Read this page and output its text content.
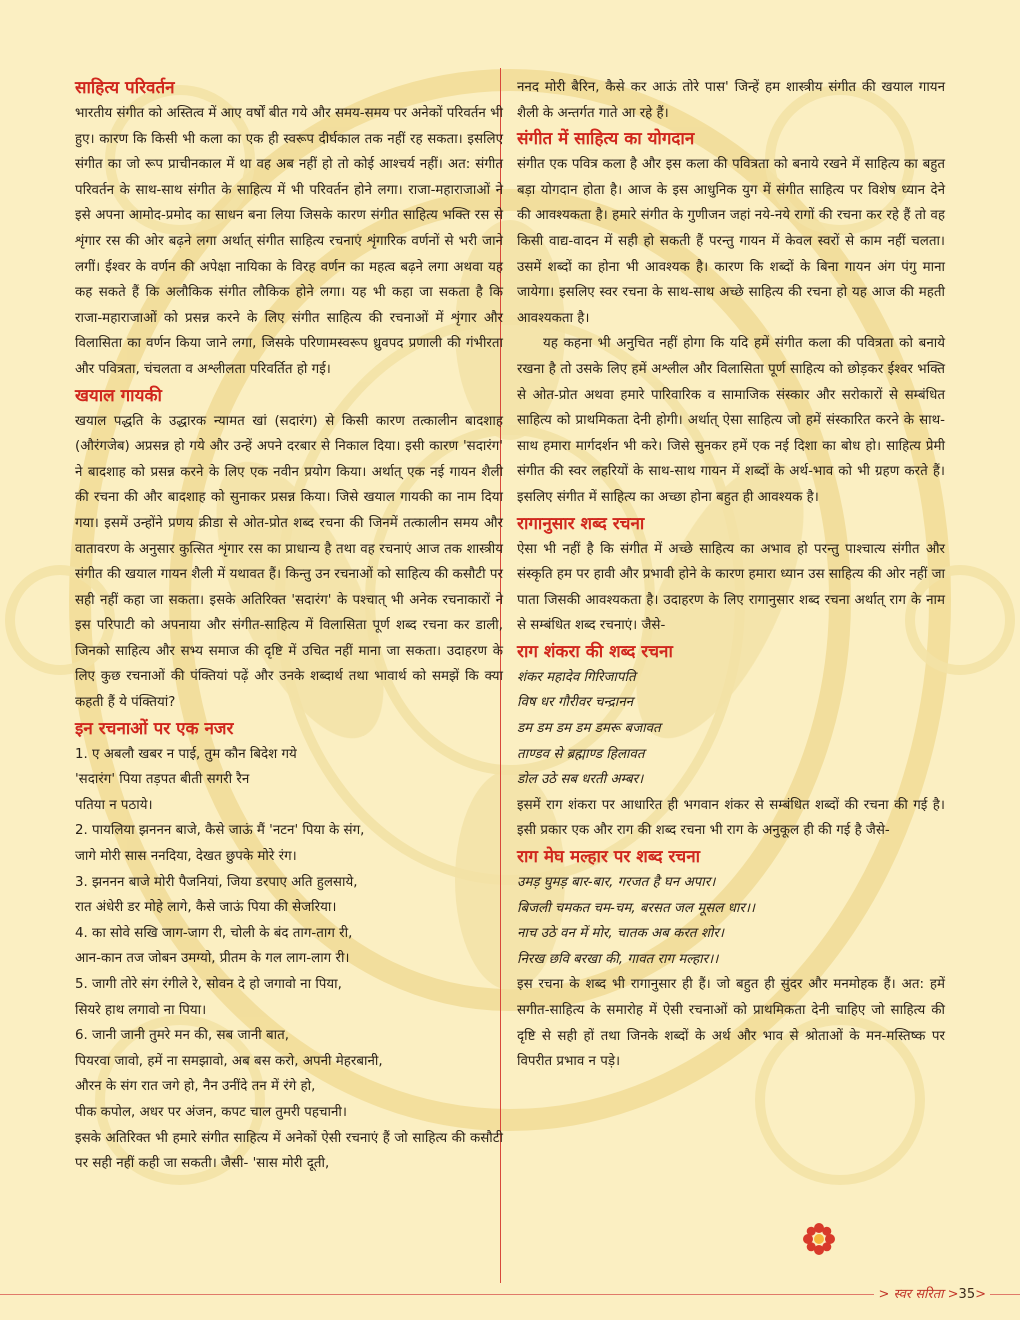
साहित्य परिवर्तन

भारतीय संगीत को अस्तित्व में आए वर्षों बीत गये और समय-समय पर अनेकों परिवर्तन भी हुए। कारण कि किसी भी कला का एक ही स्वरूप दीर्घकाल तक नहीं रह सकता। इसलिए संगीत का जो रूप प्राचीनकाल में था वह अब नहीं हो तो कोई आश्चर्य नहीं। अत: संगीत परिवर्तन के साथ-साथ संगीत के साहित्य में भी परिवर्तन होने लगा। राजा-महाराजाओं ने इसे अपना आमोद-प्रमोद का साधन बना लिया जिसके कारण संगीत साहित्य भक्ति रस से शृंगार रस की ओर बढ़ने लगा अर्थात् संगीत साहित्य रचनाएं शृंगारिक वर्णनों से भरी जाने लगीं। ईश्वर के वर्णन की अपेक्षा नायिका के विरह वर्णन का महत्व बढ़ने लगा अथवा यह कह सकते हैं कि अलौकिक संगीत लौकिक होने लगा। यह भी कहा जा सकता है कि राजा-महाराजाओं को प्रसन्न करने के लिए संगीत साहित्य की रचनाओं में शृंगार और विलासिता का वर्णन किया जाने लगा, जिसके परिणामस्वरूप ध्रुवपद प्रणाली की गंभीरता और पवित्रता, चंचलता व अश्लीलता परिवर्तित हो गई।

खयाल गायकी

खयाल पद्धति के उद्धारक न्यामत खां (सदारंग) से किसी कारण तत्कालीन बादशाह (औरंगजेब) अप्रसन्न हो गये और उन्हें अपने दरबार से निकाल दिया। इसी कारण 'सदारंग' ने बादशाह को प्रसन्न करने के लिए एक नवीन प्रयोग किया। अर्थात् एक नई गायन शैली की रचना की और बादशाह को सुनाकर प्रसन्न किया। जिसे खयाल गायकी का नाम दिया गया। इसमें उन्होंने प्रणय क्रीडा से ओत-प्रोत शब्द रचना की जिनमें तत्कालीन समय और वातावरण के अनुसार कुत्सित शृंगार रस का प्राधान्य है तथा वह रचनाएं आज तक शास्त्रीय संगीत की खयाल गायन शैली में यथावत हैं। किन्तु उन रचनाओं को साहित्य की कसौटी पर सही नहीं कहा जा सकता। इसके अतिरिक्त 'सदारंग' के पश्चात् भी अनेक रचनाकारों ने इस परिपाटी को अपनाया और संगीत-साहित्य में विलासिता पूर्ण शब्द रचना कर डाली, जिनको साहित्य और सभ्य समाज की दृष्टि में उचित नहीं माना जा सकता। उदाहरण के लिए कुछ रचनाओं की पंक्तियां पढ़ें और उनके शब्दार्थ तथा भावार्थ को समझें कि क्या कहती हैं ये पंक्तियां?

इन रचनाओं पर एक नजर
1. ए अबलौ खबर न पाई, तुम कौन बिदेश गये
'सदारंग' पिया तड़पत बीती सगरी रैन
पतिया न पठाये।
2. पायलिया झननन बाजे, कैसे जाऊं मैं 'नटन' पिया के संग,
जागे मोरी सास ननदिया, देखत छुपके मोरे रंग।
3. झननन बाजे मोरी पैजनियां, जिया डरपाए अति हुलसाये,
रात अंधेरी डर मोहे लागे, कैसे जाऊं पिया की सेजरिया।
4. का सोवे सखि जाग-जाग री, चोली के बंद ताग-ताग री,
आन-कान तज जोबन उमग्यो, प्रीतम के गल लाग-लाग री।
5. जागी तोरे संग रंगीले रे, सोवन दे हो जगावो ना पिया,
सियरे हाथ लगावो ना पिया।
6. जानी जानी तुमरे मन की, सब जानी बात,
पियरवा जावो, हमें ना समझावो, अब बस करो, अपनी मेहरबानी,
औरन के संग रात जगे हो, नैन उनींदे तन में रंगे हो,
पीक कपोल, अधर पर अंजन, कपट चाल तुमरी पहचानी।

इसके अतिरिक्त भी हमारे संगीत साहित्य में अनेकों ऐसी रचनाएं हैं जो साहित्य की कसौटी पर सही नहीं कही जा सकती। जैसी- 'सास मोरी दूती,

ननद मोरी बैरिन, कैसे कर आऊं तोरे पास' जिन्हें हम शास्त्रीय संगीत की खयाल गायन शैली के अन्तर्गत गाते आ रहे हैं।

संगीत में साहित्य का योगदान

संगीत एक पवित्र कला है और इस कला की पवित्रता को बनाये रखने में साहित्य का बहुत बड़ा योगदान होता है। आज के इस आधुनिक युग में संगीत साहित्य पर विशेष ध्यान देने की आवश्यकता है। हमारे संगीत के गुणीजन जहां नये-नये रागों की रचना कर रहे हैं तो वह किसी वाद्य-वादन में सही हो सकती हैं परन्तु गायन में केवल स्वरों से काम नहीं चलता। उसमें शब्दों का होना भी आवश्यक है। कारण कि शब्दों के बिना गायन अंग पंगु माना जायेगा। इसलिए स्वर रचना के साथ-साथ अच्छे साहित्य की रचना हो यह आज की महती आवश्यकता है।

यह कहना भी अनुचित नहीं होगा कि यदि हमें संगीत कला की पवित्रता को बनाये रखना है तो उसके लिए हमें अश्लील और विलासिता पूर्ण साहित्य को छोड़कर ईश्वर भक्ति से ओत-प्रोत अथवा हमारे पारिवारिक व सामाजिक संस्कार और सरोकारों से सम्बंधित साहित्य को प्राथमिकता देनी होगी। अर्थात् ऐसा साहित्य जो हमें संस्कारित करने के साथ-साथ हमारा मार्गदर्शन भी करे। जिसे सुनकर हमें एक नई दिशा का बोध हो। साहित्य प्रेमी संगीत की स्वर लहरियों के साथ-साथ गायन में शब्दों के अर्थ-भाव को भी ग्रहण करते हैं। इसलिए संगीत में साहित्य का अच्छा होना बहुत ही आवश्यक है।

रागानुसार शब्द रचना

ऐसा भी नहीं है कि संगीत में अच्छे साहित्य का अभाव हो परन्तु पाश्चात्य संगीत और संस्कृति हम पर हावी और प्रभावी होने के कारण हमारा ध्यान उस साहित्य की ओर नहीं जा पाता जिसकी आवश्यकता है। उदाहरण के लिए रागानुसार शब्द रचना अर्थात् राग के नाम से सम्बंधित शब्द रचनाएं। जैसे-

राग शंकरा की शब्द रचना
शंकर महादेव गिरिजापति
विष धर गौरीवर चन्द्रानन
डम डम डम डम डमरू बजावत
ताण्डव से ब्रह्माण्ड हिलावत
डोल उठे सब धरती अम्बर।

इसमें राग शंकरा पर आधारित ही भगवान शंकर से सम्बंधित शब्दों की रचना की गई है। इसी प्रकार एक और राग की शब्द रचना भी राग के अनुकूल ही की गई है जैसे-

राग मेघ मल्हार पर शब्द रचना
उमड़ घुमड़ बार-बार, गरजत है घन अपार।
बिजली चमकत चम-चम, बरसत जल मूसल धार।।
नाच उठे वन में मोर, चातक अब करत शोर।
निरख छवि बरखा की, गावत राग मल्हार।।

इस रचना के शब्द भी रागानुसार ही हैं। जो बहुत ही सुंदर और मनमोहक हैं। अत: हमें सगीत-साहित्य के समारोह में ऐसी रचनाओं को प्राथमिकता देनी चाहिए जो साहित्य की दृष्टि से सही हों तथा जिनके शब्दों के अर्थ और भाव से श्रोताओं के मन-मस्तिष्क पर विपरीत प्रभाव न पड़े।

> स्वर सरिता >35>
